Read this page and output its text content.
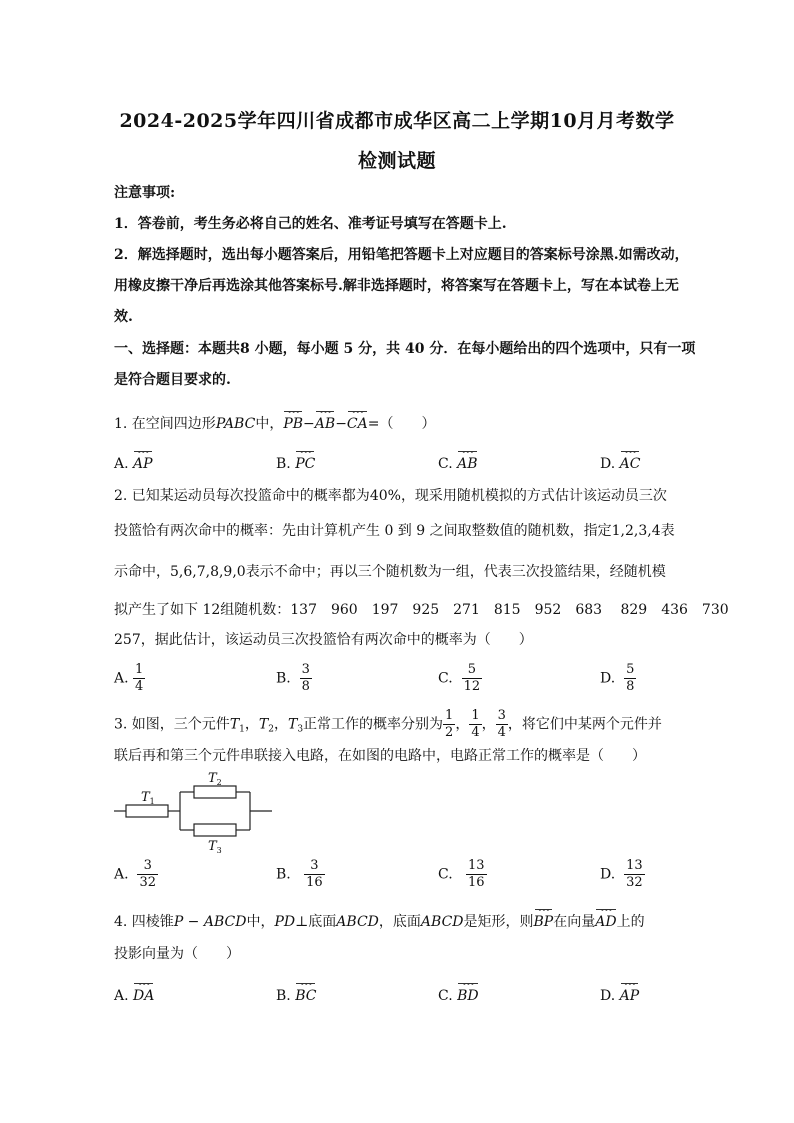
2024-2025学年四川省成都市成华区高二上学期10月月考数学
检测试题
注意事项:
1．答卷前，考生务必将自己的姓名、准考证号填写在答题卡上.
2．解选择题时，选出每小题答案后，用铅笔把答题卡上对应题目的答案标号涂黑.如需改动，
用橡皮擦干净后再选涂其他答案标号.解非选择题时，将答案写在答题卡上，写在本试卷上无
效.
一、选择题：本题共8 小题，每小题 5 分，共 40 分．在每小题给出的四个选项中，只有一项
是符合题目要求的.
1. 在空间四边形PABC中，PB ⌄⌄⌄−AB ⌄⌄⌄−CA ⌄⌄⌄=（　　）
A. AP ⌄⌄⌄	B. PC ⌄⌄⌄	C. AB ⌄⌄⌄	D. AC ⌄⌄⌄
2. 已知某运动员每次投篮命中的概率都为40%，现采用随机模拟的方式估计该运动员三次
投篮恰有两次命中的概率：先由计算机产生 0 到 9 之间取整数值的随机数，指定1,2,3,4表
示命中，5,6,7,8,9,0表示不命中；再以三个随机数为一组，代表三次投篮结果，经随机模
拟产生了如下 12组随机数：137　960　197　925　271　815　952　683　 829　436　730
257，据此估计，该运动员三次投篮恰有两次命中的概率为（　　）
A. $\frac{1}{4}$	B. $\frac{3}{8}$	C. $\frac{5}{12}$	D. $\frac{5}{8}$
3. 如图，三个元件$T_1$，$T_2$，$T_3$正常工作的概率分别为 $\frac{1}{2}$ ， $\frac{1}{4}$ ， $\frac{3}{4}$ ，将它们中某两个元件并
联后再和第三个元件串联接入电路，在如图的电路中，电路正常工作的概率是（　　）
$T_1$
$T_2$
$T_3$
A. $\frac{3}{32}$	B. $\frac{3}{16}$	C. $\frac{13}{16}$	D. $\frac{13}{32}$
4. 四棱锥P − ABCD中，PD⊥底面ABCD，底面ABCD是矩形，则BP ⌄⌄⌄在向量AD ⌄⌄⌄上的
投影向量为（　　）
A. DA ⌄⌄⌄	B. BC ⌄⌄⌄	C. BD ⌄⌄⌄	D. AP ⌄⌄⌄
